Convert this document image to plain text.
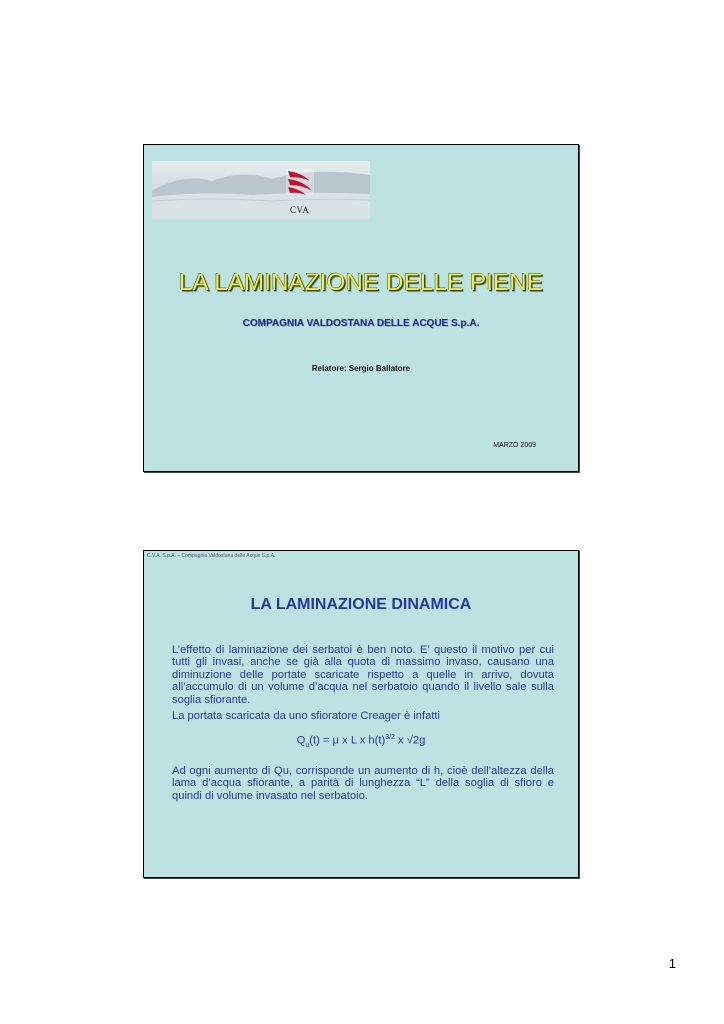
CVA
LA LAMINAZIONE DELLE PIENE
COMPAGNIA VALDOSTANA DELLE ACQUE S.p.A.
Relatore: Sergio Ballatore
MARZO 2009
C.V.A. S.p.A. – Compagnia Valdostana delle Acque S.p.A.
LA LAMINAZIONE DINAMICA
L’effetto di laminazione dei serbatoi è ben noto. E’ questo il motivo per cui tutti gli invasi, anche se già alla quota di massimo invaso, causano una diminuzione delle portate scaricate rispetto a quelle in arrivo, dovuta all’accumulo di un volume d’acqua nel serbatoio quando il livello sale sulla soglia sfiorante.
La portata scaricata da uno sfioratore Creager è infatti
$Q_u(t) = \mu$ x L x $h(t)^{3/2}$ x √2g
Ad ogni aumento di Qu, corrisponde un aumento di h, cioè dell’altezza della lama d’acqua sfiorante, a parità di lunghezza “L” della soglia di sfioro e quindi di volume invasato nel serbatoio.
1
